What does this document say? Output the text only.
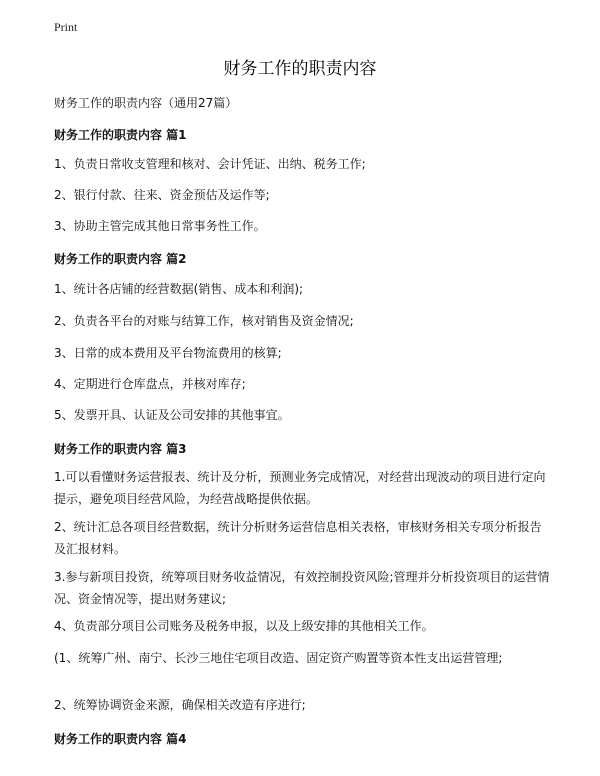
Print
财务工作的职责内容
财务工作的职责内容（通用27篇）
财务工作的职责内容 篇1
1、负责日常收支管理和核对、会计凭证、出纳、税务工作;
2、银行付款、往来、资金预估及运作等;
3、协助主管完成其他日常事务性工作。
财务工作的职责内容 篇2
1、统计各店铺的经营数据(销售、成本和利润);
2、负责各平台的对账与结算工作，核对销售及资金情况;
3、日常的成本费用及平台物流费用的核算;
4、定期进行仓库盘点，并核对库存;
5、发票开具、认证及公司安排的其他事宜。
财务工作的职责内容 篇3
1.可以看懂财务运营报表、统计及分析，预测业务完成情况，对经营出现波动的项目进行定向提示，避免项目经营风险，为经营战略提供依据。
2、统计汇总各项目经营数据，统计分析财务运营信息相关表格，审核财务相关专项分析报告及汇报材料。
3.参与新项目投资，统筹项目财务收益情况，有效控制投资风险;管理并分析投资项目的运营情况、资金情况等，提出财务建议;
4、负责部分项目公司账务及税务申报，以及上级安排的其他相关工作。
(1、统筹广州、南宁、长沙三地住宅项目改造、固定资产购置等资本性支出运营管理;
2、统筹协调资金来源，确保相关改造有序进行;
财务工作的职责内容 篇4
